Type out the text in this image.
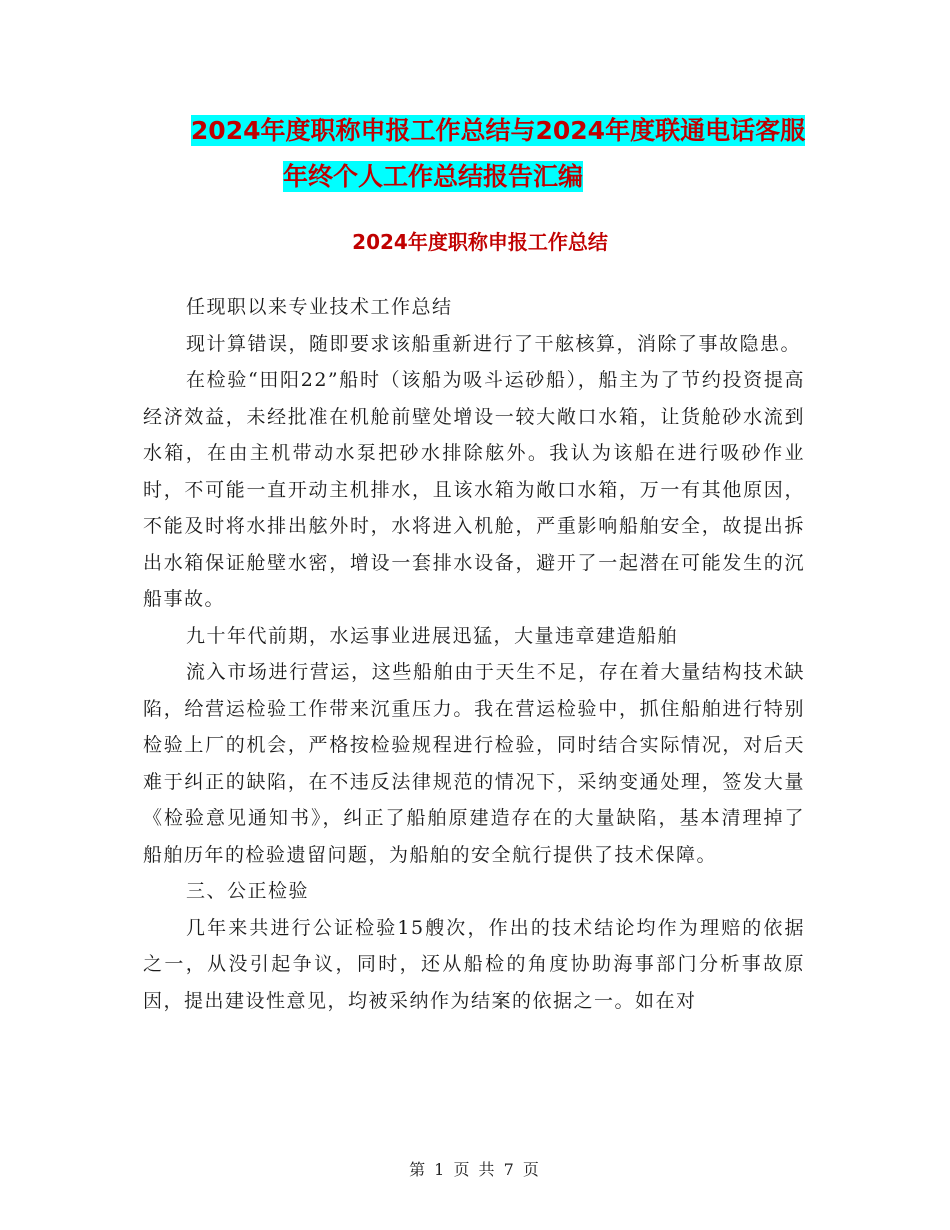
2024年度职称申报工作总结与2024年度联通电话客服
年终个人工作总结报告汇编
2024年度职称申报工作总结

任现职以来专业技术工作总结

现计算错误，随即要求该船重新进行了干舷核算，消除了事故隐患。

在检验“田阳22”船时（该船为吸斗运砂船），船主为了节约投资提高经济效益，未经批准在机舱前壁处增设一较大敞口水箱，让货舱砂水流到水箱，在由主机带动水泵把砂水排除舷外。我认为该船在进行吸砂作业时，不可能一直开动主机排水，且该水箱为敞口水箱，万一有其他原因，不能及时将水排出舷外时，水将进入机舱，严重影响船舶安全，故提出拆出水箱保证舱壁水密，增设一套排水设备，避开了一起潜在可能发生的沉船事故。

九十年代前期，水运事业进展迅猛，大量违章建造船舶

流入市场进行营运，这些船舶由于天生不足，存在着大量结构技术缺陷，给营运检验工作带来沉重压力。我在营运检验中，抓住船舶进行特别检验上厂的机会，严格按检验规程进行检验，同时结合实际情况，对后天难于纠正的缺陷，在不违反法律规范的情况下，采纳变通处理，签发大量《检验意见通知书》，纠正了船舶原建造存在的大量缺陷，基本清理掉了船舶历年的检验遗留问题，为船舶的安全航行提供了技术保障。

三、公正检验

几年来共进行公证检验15艘次，作出的技术结论均作为理赔的依据之一，从没引起争议，同时，还从船检的角度协助海事部门分析事故原因，提出建设性意见，均被采纳作为结案的依据之一。如在对

第 1 页 共 7 页
